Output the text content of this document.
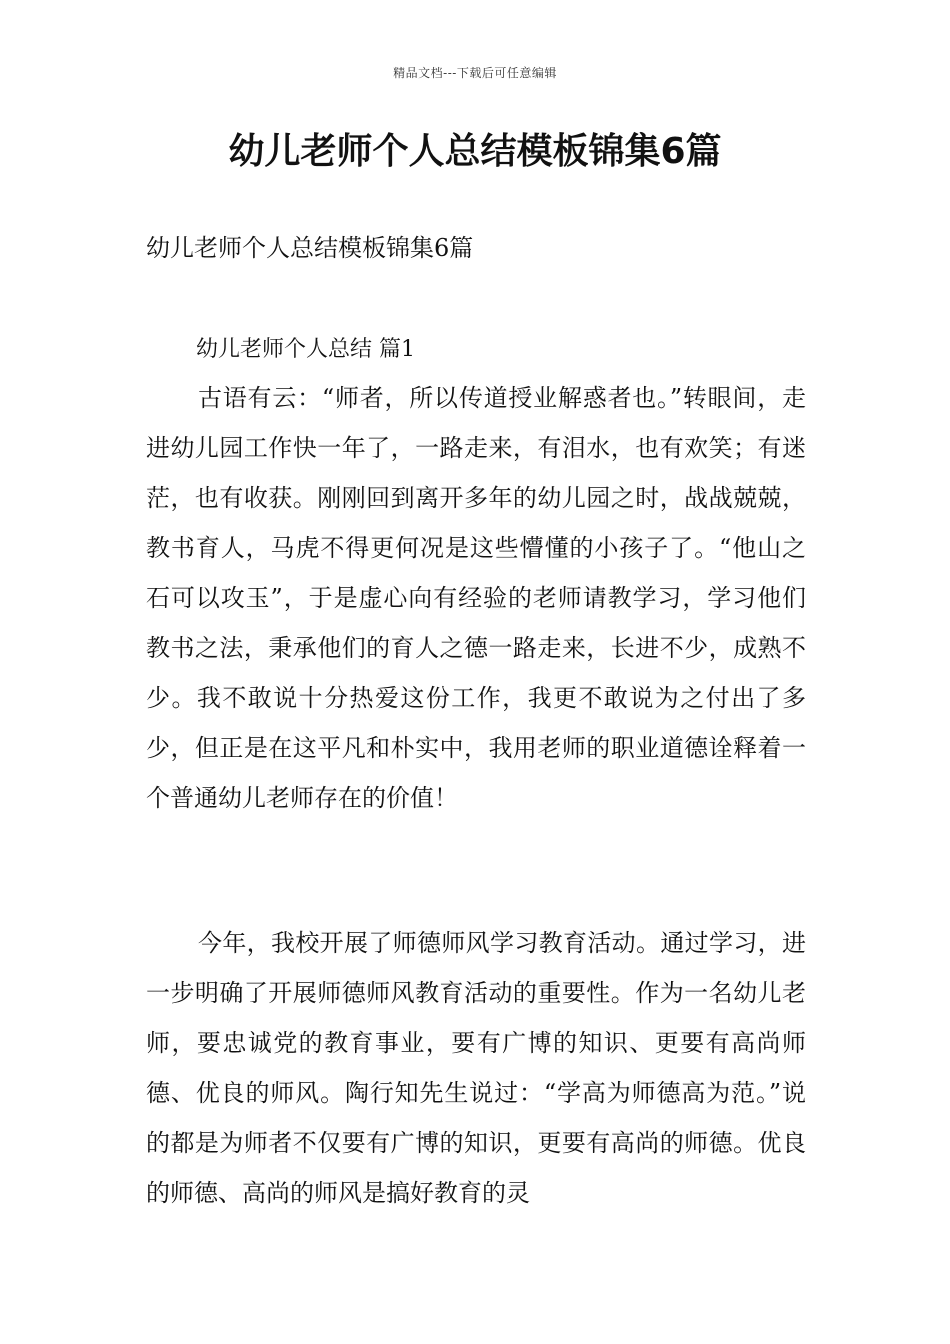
精品文档---下载后可任意编辑
幼儿老师个人总结模板锦集6篇
幼儿老师个人总结模板锦集6篇
幼儿老师个人总结 篇1

古语有云：“师者，所以传道授业解惑者也。”转眼间，走进幼儿园工作快一年了，一路走来，有泪水，也有欢笑；有迷茫，也有收获。刚刚回到离开多年的幼儿园之时，战战兢兢，教书育人，马虎不得更何况是这些懵懂的小孩子了。“他山之石可以攻玉”，于是虚心向有经验的老师请教学习，学习他们教书之法，秉承他们的育人之德一路走来，长进不少，成熟不少。我不敢说十分热爱这份工作，我更不敢说为之付出了多少，但正是在这平凡和朴实中，我用老师的职业道德诠释着一个普通幼儿老师存在的价值！

今年，我校开展了师德师风学习教育活动。通过学习，进一步明确了开展师德师风教育活动的重要性。作为一名幼儿老师，要忠诚党的教育事业，要有广博的知识、更要有高尚师德、优良的师风。陶行知先生说过：“学高为师德高为范。”说的都是为师者不仅要有广博的知识，更要有高尚的师德。优良的师德、高尚的师风是搞好教育的灵
